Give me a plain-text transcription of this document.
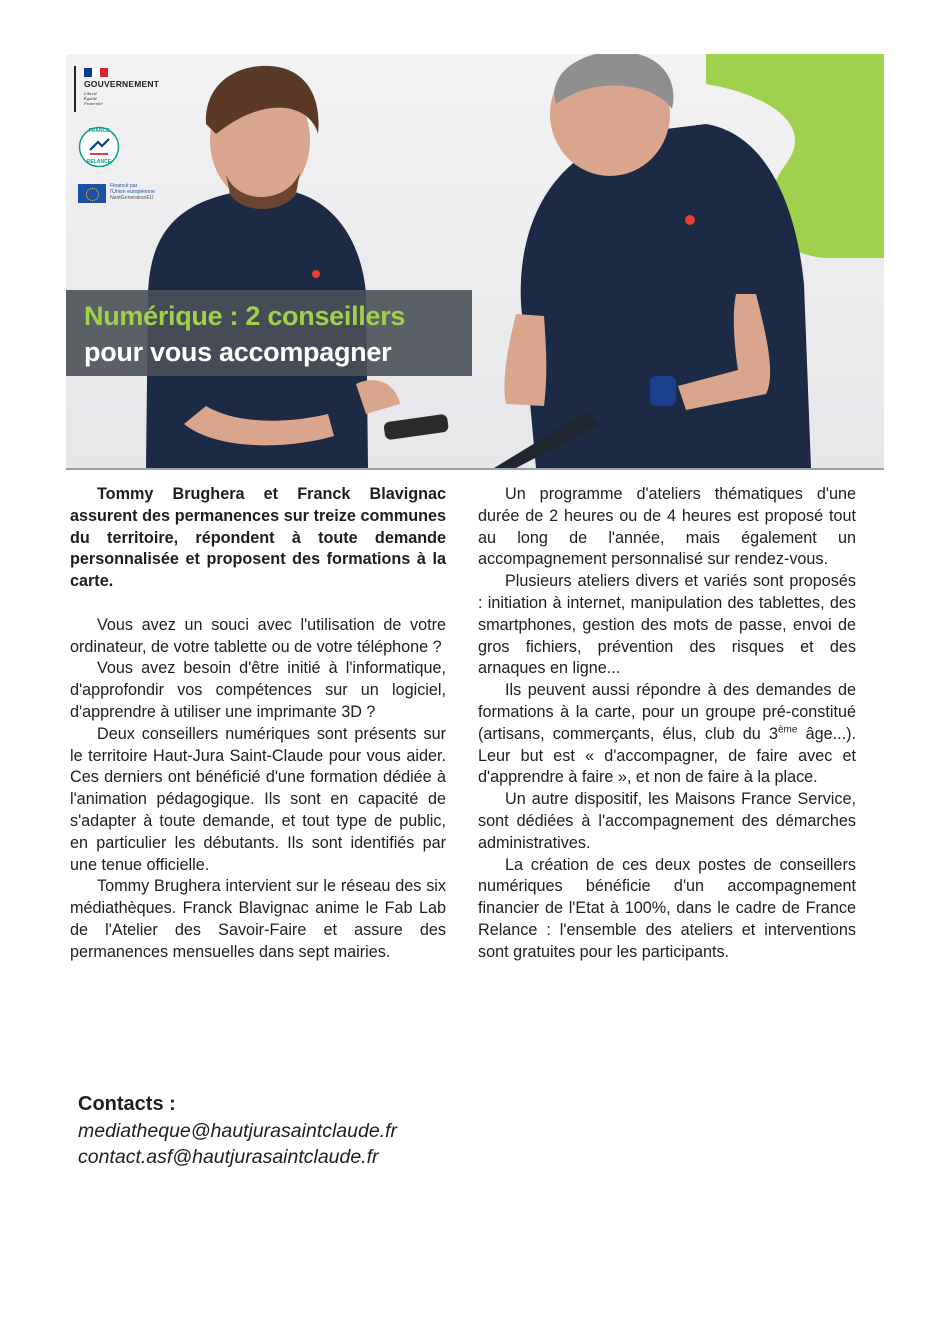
GOUVERNEMENT
Liberté
Égalité
Fraternité
FRANCE
RELANCE
Financé par
l'Union européenne
NextGenerationEU
Numérique : 2 conseillers
pour vous accompagner

Tommy Brughera et Franck Blavignac assurent des permanences sur treize communes du territoire, répondent à toute demande personnalisée et proposent des formations à la carte.

Vous avez un souci avec l'utilisation de votre ordinateur, de votre tablette ou de votre téléphone ?

Vous avez besoin d'être initié à l'informatique, d'approfondir vos compétences sur un logiciel, d'apprendre à utiliser une imprimante 3D ?

Deux conseillers numériques sont présents sur le territoire Haut-Jura Saint-Claude pour vous aider. Ces derniers ont bénéficié d'une formation dédiée à l'animation pédagogique. Ils sont en capacité de s'adapter à toute demande, et tout type de public, en particulier les débutants. Ils sont identifiés par une tenue officielle.

Tommy Brughera intervient sur le réseau des six médiathèques. Franck Blavignac anime le Fab Lab de l'Atelier des Savoir-Faire et assure des permanences mensuelles dans sept mairies.

Un programme d'ateliers thématiques d'une durée de 2 heures ou de 4 heures est proposé tout au long de l'année, mais également un accompagnement personnalisé sur rendez-vous.

Plusieurs ateliers divers et variés sont proposés : initiation à internet, manipulation des tablettes, des smartphones, gestion des mots de passe, envoi de gros fichiers, prévention des risques et des arnaques en ligne...

Ils peuvent aussi répondre à des demandes de formations à la carte, pour un groupe pré-constitué (artisans, commerçants, élus, club du 3ème âge...). Leur but est « d'accompagner, de faire avec et d'apprendre à faire », et non de faire à la place.

Un autre dispositif, les Maisons France Service, sont dédiées à l'accompagnement des démarches administratives.

La création de ces deux postes de conseillers numériques bénéficie d'un accompagnement financier de l'Etat à 100%, dans le cadre de France Relance : l'ensemble des ateliers et interventions sont gratuites pour les participants.

Contacts :
mediatheque@hautjurasaintclaude.fr
contact.asf@hautjurasaintclaude.fr
